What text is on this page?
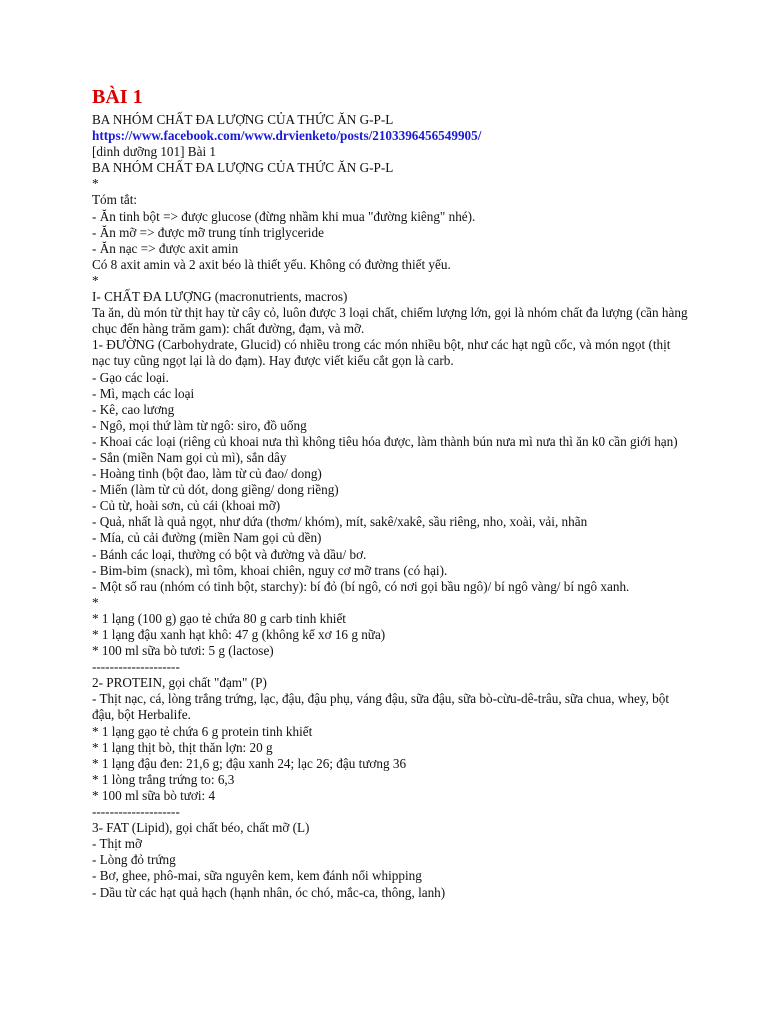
BÀI 1
BA NHÓM CHẤT ĐA LƯỢNG CỦA THỨC ĂN G-P-L
https://www.facebook.com/www.drvienketo/posts/2103396456549905/
[dinh dưỡng 101] Bài 1
BA NHÓM CHẤT ĐA LƯỢNG CỦA THỨC ĂN G-P-L
*
Tóm tắt:
- Ăn tinh bột => được glucose (đừng nhầm khi mua "đường kiêng" nhé).
- Ăn mỡ => được mỡ trung tính triglyceride
- Ăn nạc => được axit amin
Có 8 axit amin và 2 axit béo là thiết yếu. Không có đường thiết yếu.
*
I- CHẤT ĐA LƯỢNG (macronutrients, macros)
Ta ăn, dù món từ thịt hay từ cây cỏ, luôn được 3 loại chất, chiếm lượng lớn, gọi là nhóm chất đa lượng (cần hàng chục đến hàng trăm gam): chất đường, đạm, và mỡ.
1- ĐƯỜNG (Carbohydrate, Glucid) có nhiều trong các món nhiều bột, như các hạt ngũ cốc, và món ngọt (thịt nạc tuy cũng ngọt lại là do đạm). Hay được viết kiểu cắt gọn là carb.
- Gạo các loại.
- Mì, mạch các loại
- Kê, cao lương
- Ngô, mọi thứ làm từ ngô: siro, đồ uống
- Khoai các loại (riêng củ khoai nưa thì không tiêu hóa được, làm thành bún nưa mì nưa thì ăn k0 cần giới hạn)
- Sắn (miền Nam gọi củ mì), sắn dây
- Hoàng tinh (bột đao, làm từ củ đao/ dong)
- Miến (làm từ củ dót, dong giềng/ dong riềng)
- Củ từ, hoài sơn, củ cái (khoai mỡ)
- Quả, nhất là quả ngọt, như dứa (thơm/ khóm), mít, sakê/xakê, sầu riêng, nho, xoài, vải, nhãn
- Mía, củ cải đường (miền Nam gọi củ dền)
- Bánh các loại, thường có bột và đường và dầu/ bơ.
- Bim-bim (snack), mì tôm, khoai chiên, nguy cơ mỡ trans (có hại).
- Một số rau (nhóm có tinh bột, starchy): bí đỏ (bí ngô, có nơi gọi bầu ngô)/ bí ngô vàng/ bí ngô xanh.
*
* 1 lạng (100 g) gạo tẻ chứa 80 g carb tinh khiết
* 1 lạng đậu xanh hạt khô: 47 g (không kể xơ 16 g nữa)
* 100 ml sữa bò tươi: 5 g (lactose)
--------------------
2- PROTEIN, gọi chất "đạm" (P)
- Thịt nạc, cá, lòng trắng trứng, lạc, đậu, đậu phụ, váng đậu, sữa đậu, sữa bò-cừu-dê-trâu, sữa chua, whey, bột đậu, bột Herbalife.
* 1 lạng gạo tẻ chứa 6 g protein tinh khiết
* 1 lạng thịt bò, thịt thăn lợn: 20 g
* 1 lạng đậu đen: 21,6 g; đậu xanh 24; lạc 26; đậu tương 36
* 1 lòng trắng trứng to: 6,3
* 100 ml sữa bò tươi: 4
--------------------
3- FAT (Lipid), gọi chất béo, chất mỡ (L)
- Thịt mỡ
- Lòng đỏ trứng
- Bơ, ghee, phô-mai, sữa nguyên kem, kem đánh nổi whipping
- Dầu từ các hạt quả hạch (hạnh nhân, óc chó, mắc-ca, thông, lanh)
